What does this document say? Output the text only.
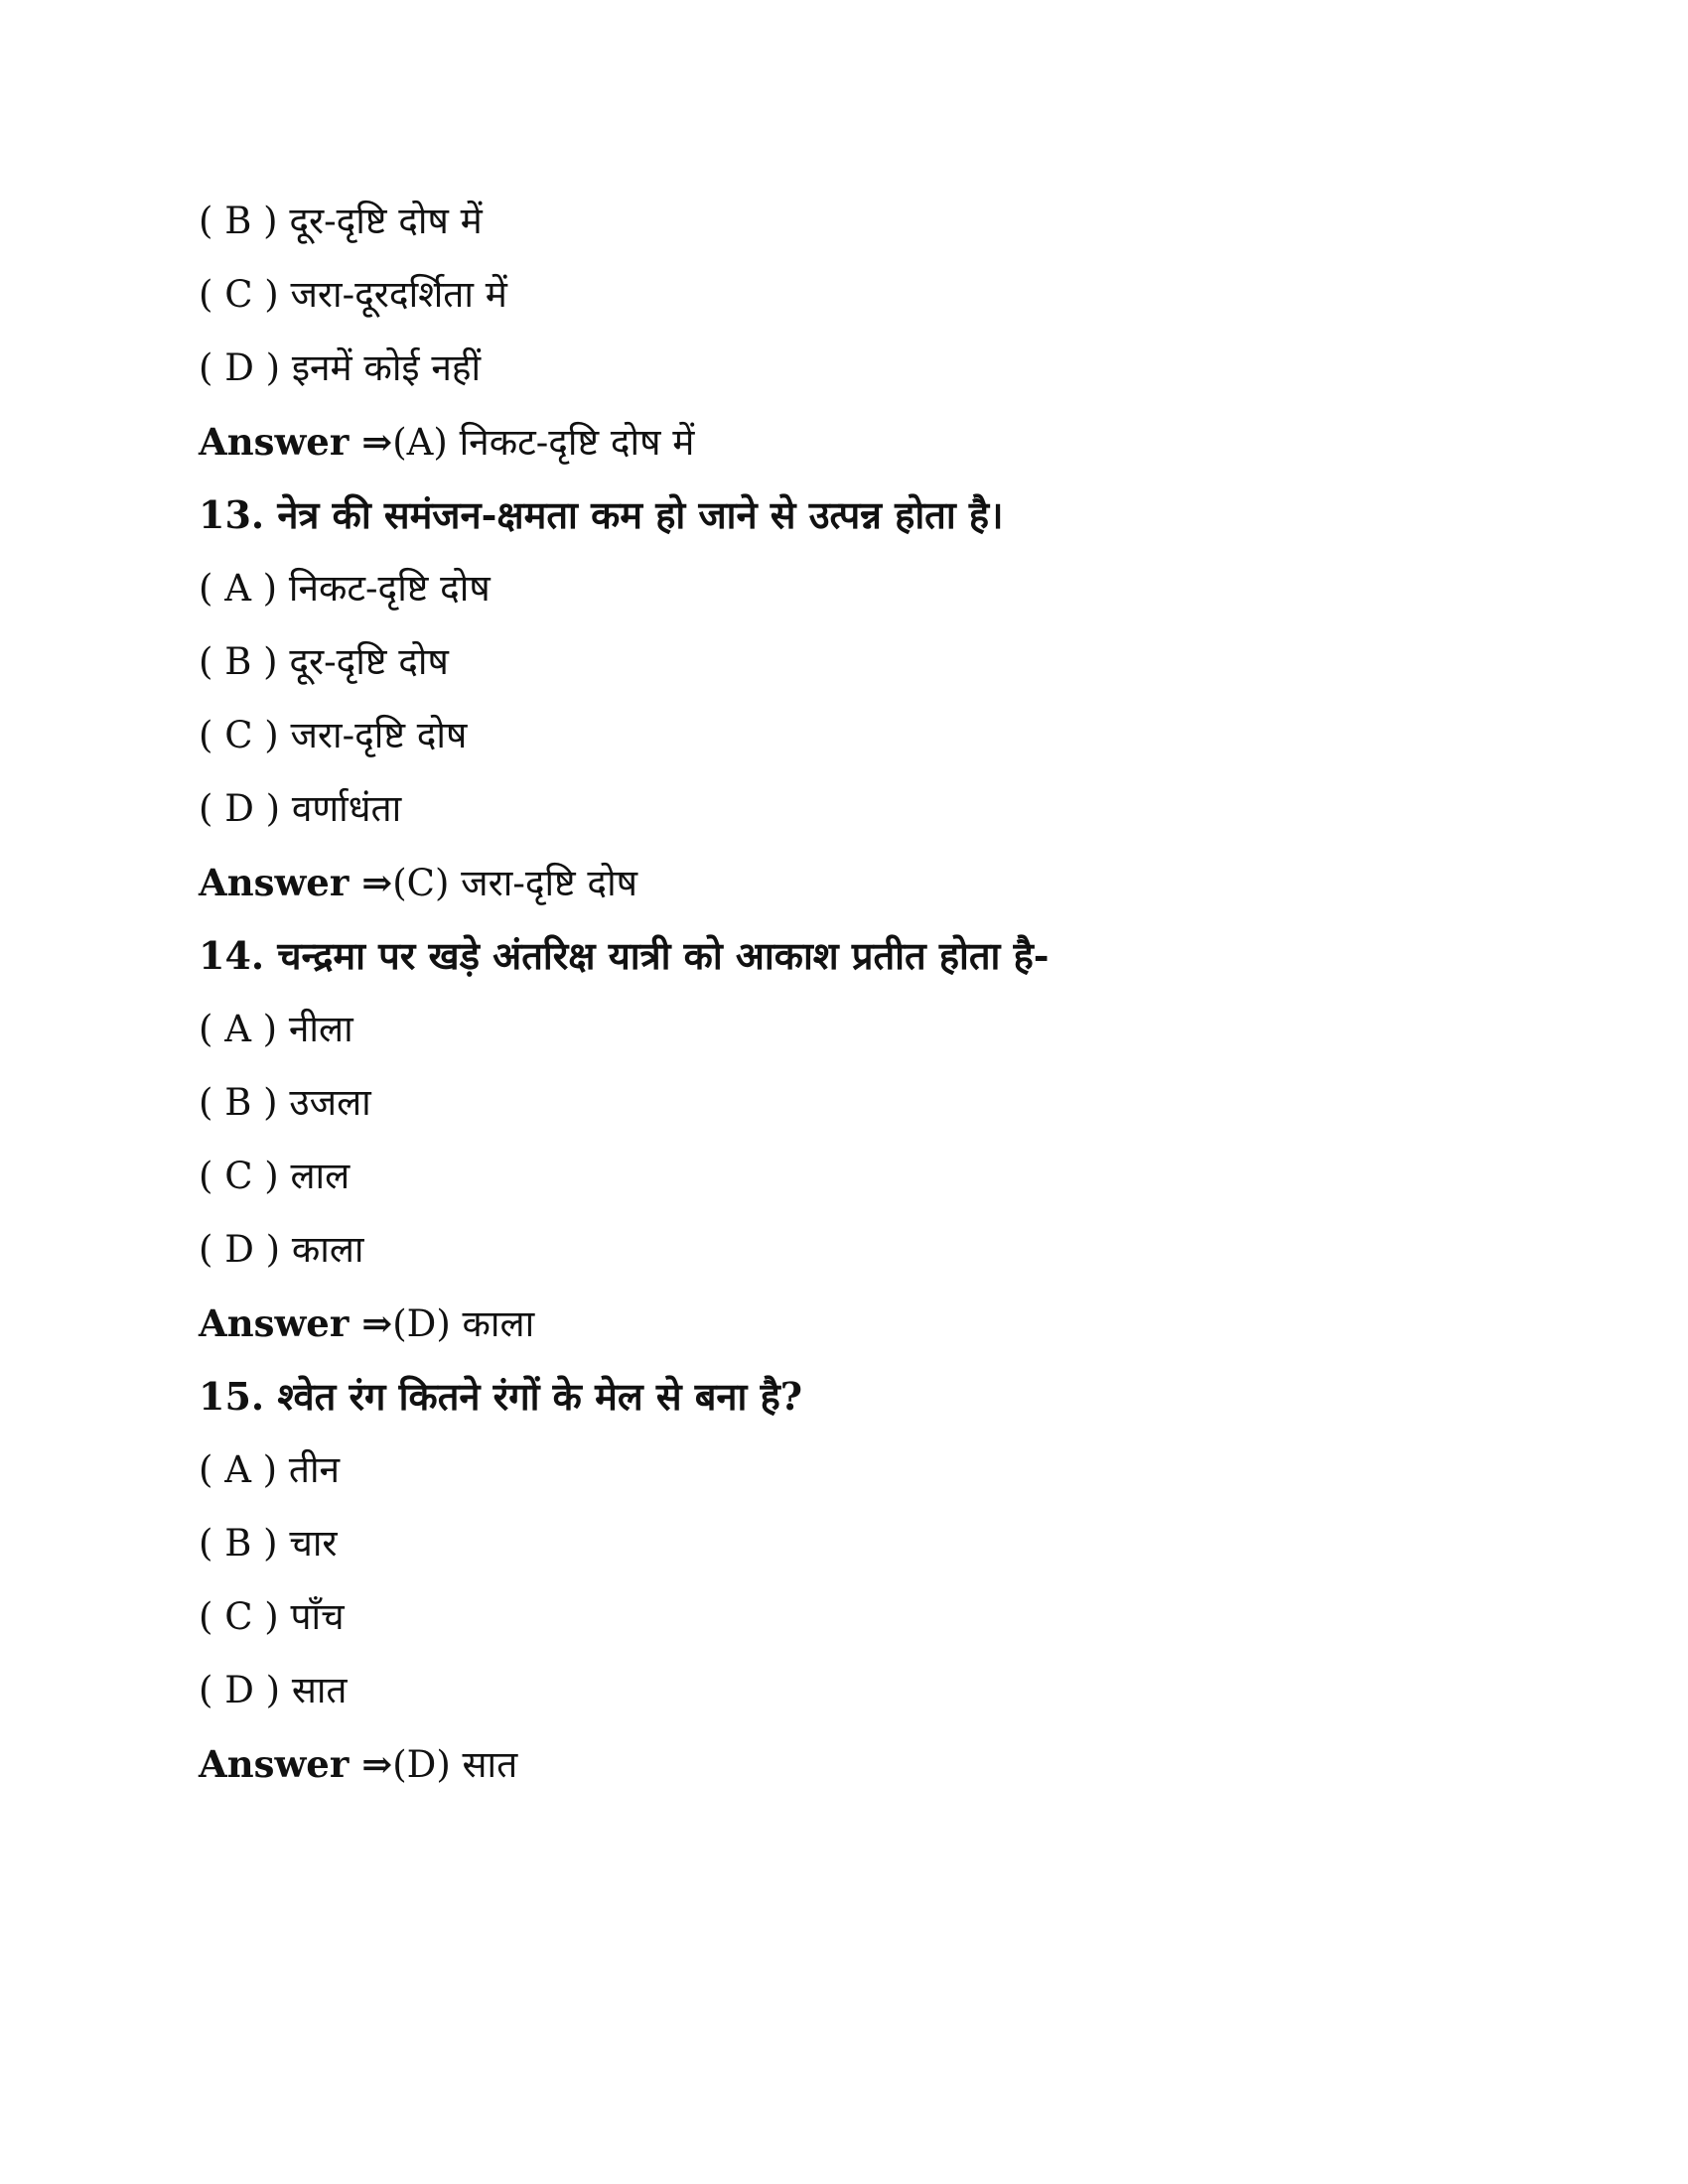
( B ) दूर-दृष्टि दोष में
( C ) जरा-दूरदर्शिता में
( D ) इनमें कोई नहीं
Answer ⇒(A) निकट-दृष्टि दोष में
13. नेत्र की समंजन-क्षमता कम हो जाने से उत्पन्न होता है।
( A ) निकट-दृष्टि दोष
( B ) दूर-दृष्टि दोष
( C ) जरा-दृष्टि दोष
( D ) वर्णाधंता
Answer ⇒(C) जरा-दृष्टि दोष
14. चन्द्रमा पर खड़े अंतरिक्ष यात्री को आकाश प्रतीत होता है-
( A ) नीला
( B ) उजला
( C ) लाल
( D ) काला
Answer ⇒(D) काला
15. श्वेत रंग कितने रंगों के मेल से बना है?
( A ) तीन
( B ) चार
( C ) पाँच
( D ) सात
Answer ⇒(D) सात
